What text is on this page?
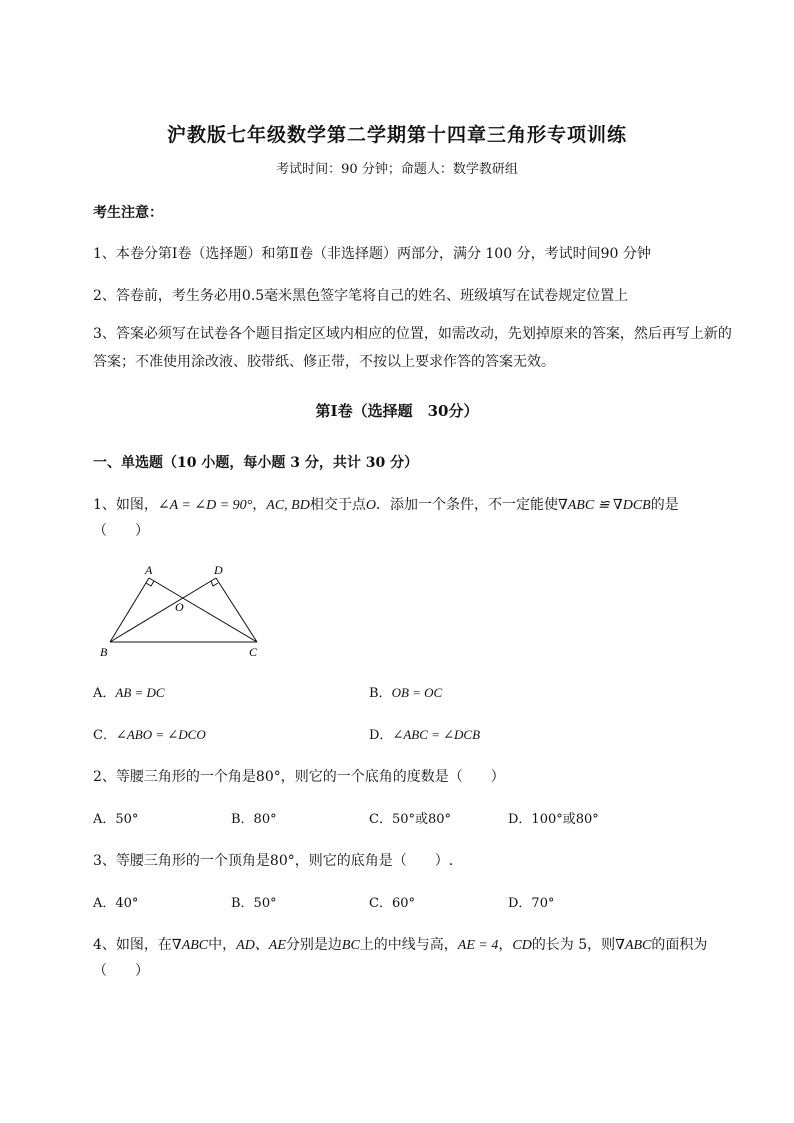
沪教版七年级数学第二学期第十四章三角形专项训练
考试时间：90 分钟；命题人：数学教研组
考生注意：
1、本卷分第Ⅰ卷（选择题）和第Ⅱ卷（非选择题）两部分，满分 100 分，考试时间90 分钟
2、答卷前，考生务必用0.5毫米黑色签字笔将自己的姓名、班级填写在试卷规定位置上
3、答案必须写在试卷各个题目指定区域内相应的位置，如需改动，先划掉原来的答案，然后再写上新的答案；不准使用涂改液、胶带纸、修正带，不按以上要求作答的答案无效。
第Ⅰ卷（选择题　30分）
一、单选题（10 小题，每小题 3 分，共计 30 分）
1、如图，∠A = ∠D = 90°，AC, BD相交于点O．添加一个条件，不一定能使∇ABC ≌ ∇DCB的是
（　　）
A	D
O
B	C
A．AB = DC	B．OB = OC
C．∠ABO = ∠DCO	D．∠ABC = ∠DCB
2、等腰三角形的一个角是80°，则它的一个底角的度数是（　　）
A．50°	B．80°	C．50°或80°	D．100°或80°
3、等腰三角形的一个顶角是80°，则它的底角是（　　）.
A．40°	B．50°	C．60°	D．70°
4、如图，在∇ABC中，AD、AE分别是边BC上的中线与高，AE = 4，CD的长为 5，则∇ABC的面积为
（　　）
